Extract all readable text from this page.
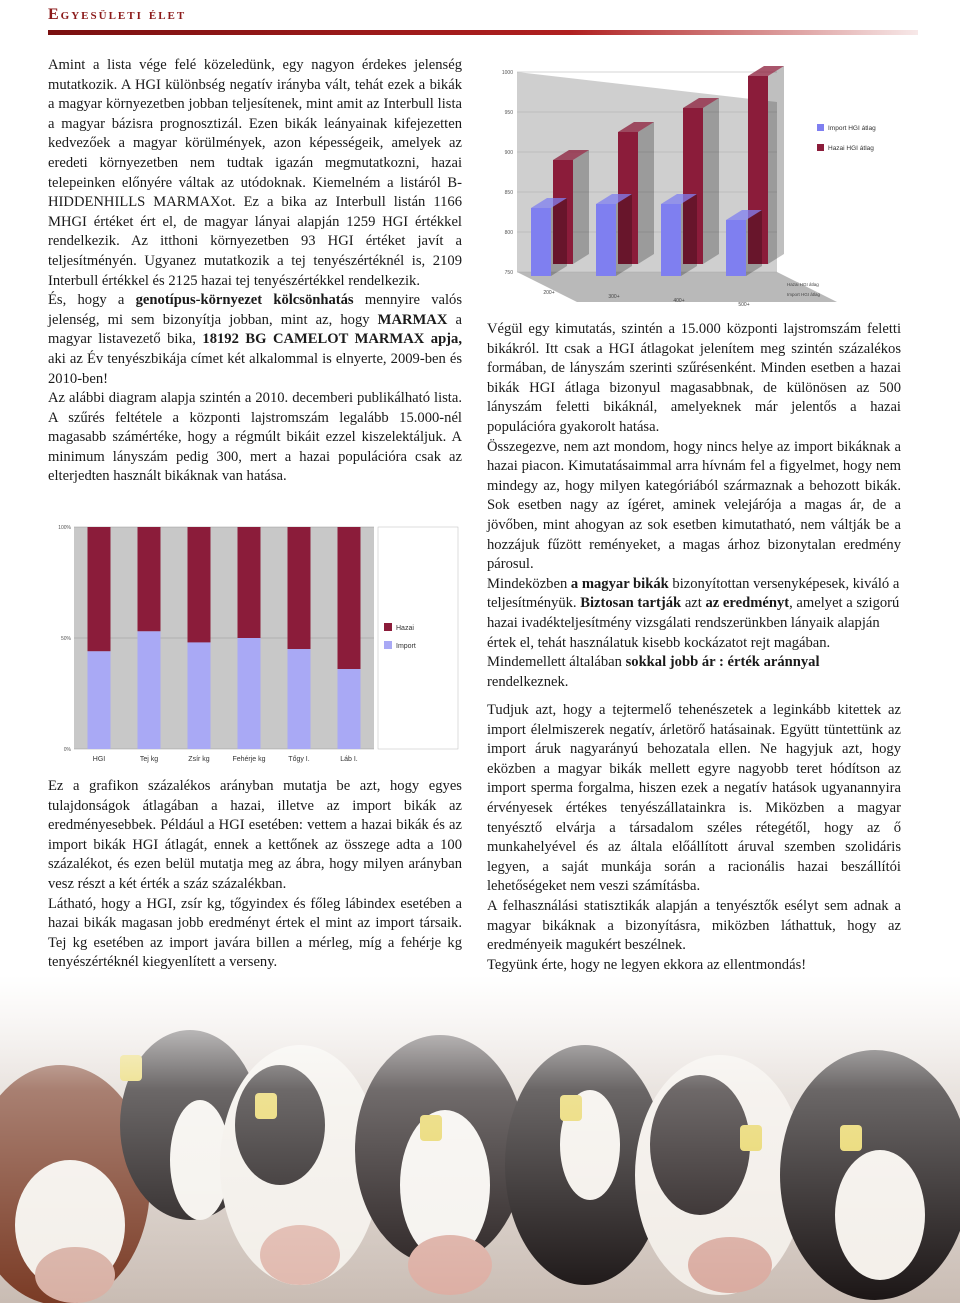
Egyesületi élet

Amint a lista vége felé közeledünk, egy nagyon érdekes jelenség mutatkozik. A HGI különbség negatív irányba vált, tehát ezek a bikák a magyar környezetben jobban teljesítenek, mint amit az Interbull lista a magyar bázisra prognosztizál. Ezen bikák leányainak kifejezetten kedvezőek a magyar körülmények, azon képességeik, amelyek az eredeti környezetben nem tudtak igazán megmutatkozni, hazai telepeinken előnyére váltak az utódoknak. Kiemelném a listáról B-HIDDENHILLS MARMAXot. Ez a bika az Interbull listán 1166 MHGI értéket ért el, de magyar lányai alapján 1259 HGI értékkel rendelkezik. Az itthoni környezetben 93 HGI értéket javít a teljesítményén. Ugyanez mutatkozik a tej tenyészértéknél is, 2109 Interbull értékkel és 2125 hazai tej tenyészértékkel rendelkezik.

És, hogy a genotípus-környezet kölcsönhatás mennyire valós jelenség, mi sem bizonyítja jobban, mint az, hogy MARMAX a magyar listavezető bika, 18192 BG CAMELOT MARMAX apja, aki az Év tenyészbikája címet két alkalommal is elnyerte, 2009-ben és 2010-ben!

Az alábbi diagram alapja szintén a 2010. decemberi publikálható lista. A szűrés feltétele a központi lajstromszám legalább 15.000-nél magasabb számértéke, hogy a régmúlt bikáit ezzel kiszelektáljuk. A minimum lányszám pedig 300, mert a hazai populációra csak az elterjedten használt bikáknak van hatása.

100%
50%
0%
HGI	Tej kg	Zsír kg	Fehérje kg	Tőgy I.	Láb I.
Hazai
Import

Ez a grafikon százalékos arányban mutatja be azt, hogy egyes tulajdonságok átlagában a hazai, illetve az import bikák az eredményesebbek. Például a HGI esetében: vettem a hazai bikák és az import bikák HGI átlagát, ennek a kettőnek az összege adta a 100 százalékot, és ezen belül mutatja meg az ábra, hogy milyen arányban vesz részt a két érték a száz százalékban.

Látható, hogy a HGI, zsír kg, tőgyindex és főleg lábindex esetében a hazai bikák magasan jobb eredményt értek el mint az import társaik. Tej kg esetében az import javára billen a mérleg, míg a fehérje kg tenyészértéknél kiegyenlített a verseny.

1000
950
900
850
800
750
200+
300+
400+
500+
Import HGI átlag
Hazai HGI átlag
Hazai HGI átlag
Import HGI átlag

Végül egy kimutatás, szintén a 15.000 központi lajstromszám feletti bikákról. Itt csak a HGI átlagokat jelenítem meg szintén százalékos formában, de lányszám szerinti szűrésenként. Minden esetben a hazai bikák HGI átlaga bizonyul magasabbnak, de különösen az 500 lányszám feletti bikáknál, amelyeknek már jelentős a hazai populációra gyakorolt hatása.

Összegezve, nem azt mondom, hogy nincs helye az import bikáknak a hazai piacon. Kimutatásaimmal arra hívnám fel a figyelmet, hogy nem mindegy az, hogy milyen kategóriából származnak a behozott bikák. Sok esetben nagy az ígéret, aminek velejárója a magas ár, de a jövőben, mint ahogyan az sok esetben kimutatható, nem váltják be a hozzájuk fűzött reményeket, a magas árhoz bizonytalan eredmény párosul.

Mindeközben a magyar bikák bizonyítottan versenyképesek, kiváló a teljesítményük. Biztosan tartják azt az eredményt, amelyet a szigorú hazai ivadékteljesítmény vizsgálati rendszerünkben lányaik alapján értek el, tehát használatuk kisebb kockázatot rejt magában. Mindemellett általában sokkal jobb ár : érték aránnyal rendelkeznek.

Tudjuk azt, hogy a tejtermelő tehenészetek a leginkább kitettek az import élelmiszerek negatív, árletörő hatásainak. Együtt tüntettünk az import áruk nagyarányú behozatala ellen. Ne hagyjuk azt, hogy eközben a magyar bikák mellett egyre nagyobb teret hódítson az import sperma forgalma, hiszen ezek a negatív hatások ugyanannyira érvényesek értékes tenyészállatainkra is. Miközben a magyar tenyésztő elvárja a társadalom széles rétegétől, hogy az ő munkahelyével és az általa előállított áruval szemben szolidáris legyen, a saját munkája során a racionális hazai beszállítói lehetőségeket nem veszi számításba.

A felhasználási statisztikák alapján a tenyésztők esélyt sem adnak a magyar bikáknak a bizonyításra, miközben láthattuk, hogy az eredményeik magukért beszélnek.

Tegyünk érte, hogy ne legyen ekkora az ellentmondás!
